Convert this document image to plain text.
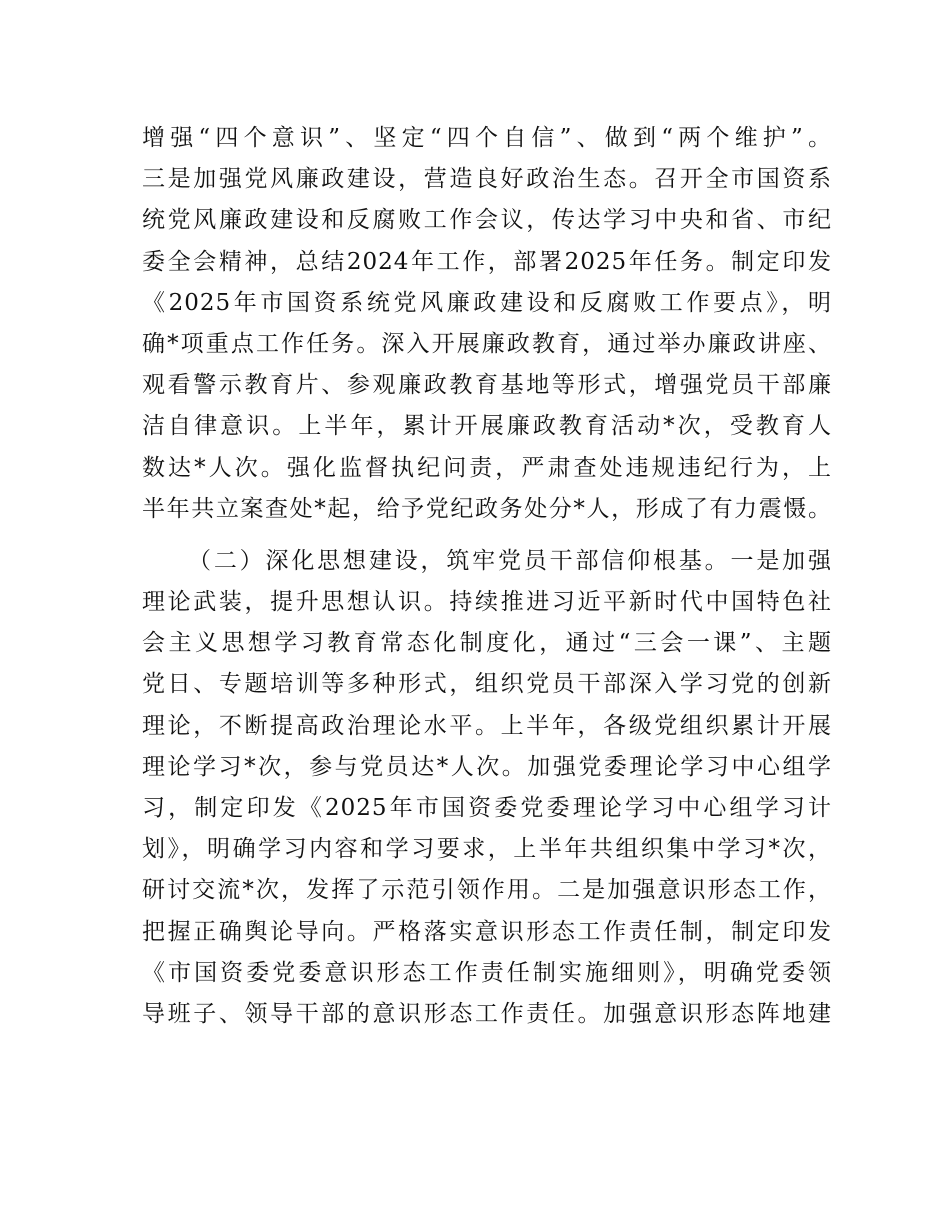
增强“四个意识”、坚定“四个自信”、做到“两个维护”。
三是加强党风廉政建设，营造良好政治生态。召开全市国资系
统党风廉政建设和反腐败工作会议，传达学习中央和省、市纪
委全会精神，总结2024年工作，部署2025年任务。制定印发
《2025年市国资系统党风廉政建设和反腐败工作要点》，明
确*项重点工作任务。深入开展廉政教育，通过举办廉政讲座、
观看警示教育片、参观廉政教育基地等形式，增强党员干部廉
洁自律意识。上半年，累计开展廉政教育活动*次，受教育人
数达*人次。强化监督执纪问责，严肃查处违规违纪行为，上
半年共立案查处*起，给予党纪政务处分*人，形成了有力震慑。
（二）深化思想建设，筑牢党员干部信仰根基。一是加强
理论武装，提升思想认识。持续推进习近平新时代中国特色社
会主义思想学习教育常态化制度化，通过“三会一课”、主题
党日、专题培训等多种形式，组织党员干部深入学习党的创新
理论，不断提高政治理论水平。上半年，各级党组织累计开展
理论学习*次，参与党员达*人次。加强党委理论学习中心组学
习，制定印发《2025年市国资委党委理论学习中心组学习计
划》，明确学习内容和学习要求，上半年共组织集中学习*次，
研讨交流*次，发挥了示范引领作用。二是加强意识形态工作，
把握正确舆论导向。严格落实意识形态工作责任制，制定印发
《市国资委党委意识形态工作责任制实施细则》，明确党委领
导班子、领导干部的意识形态工作责任。加强意识形态阵地建
